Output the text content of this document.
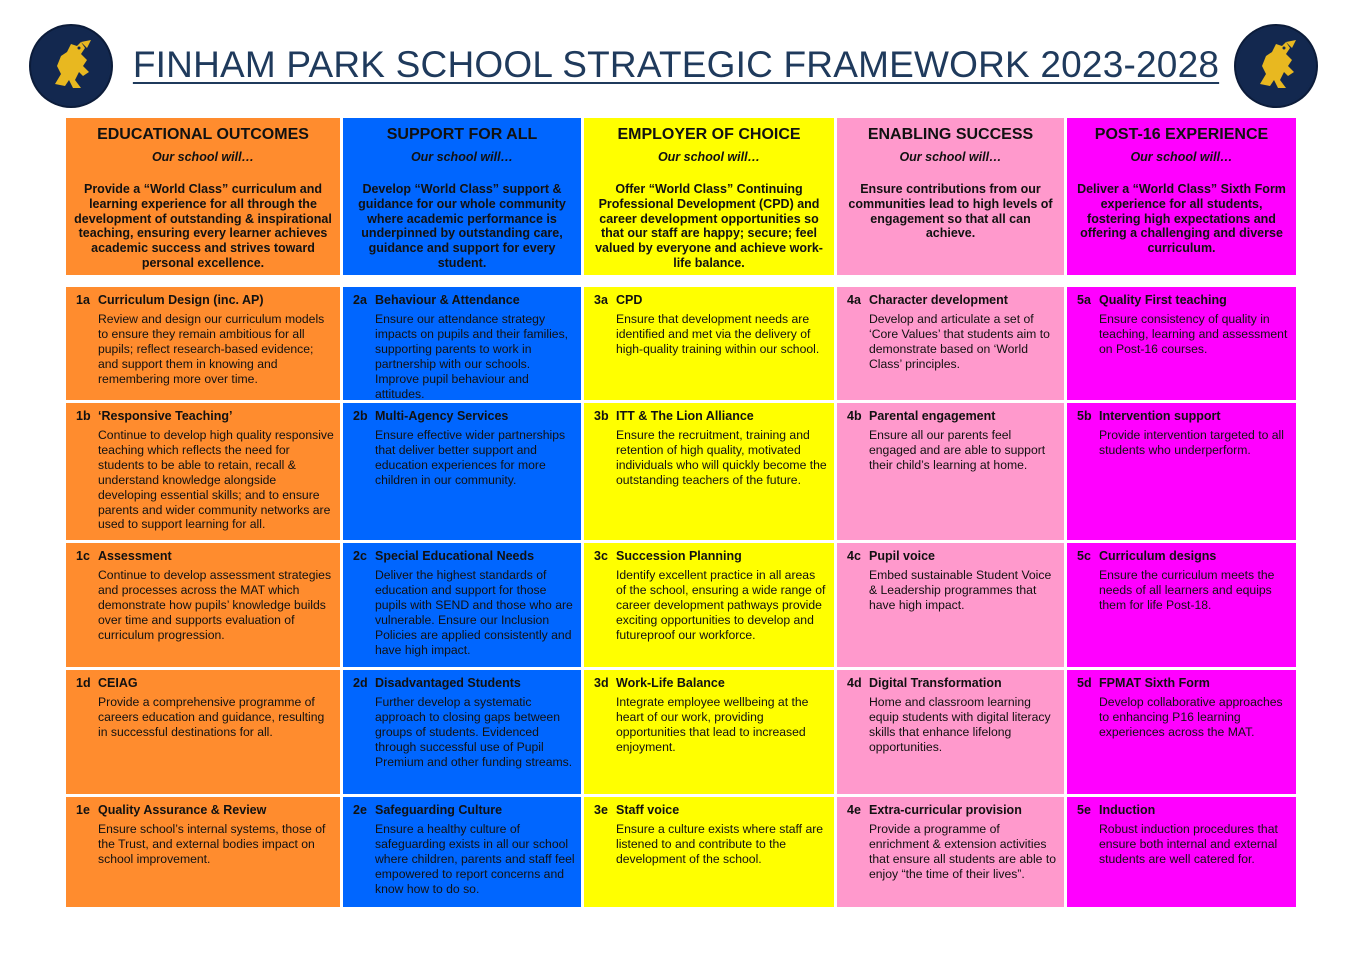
FINHAM PARK SCHOOL STRATEGIC FRAMEWORK 2023-2028
EDUCATIONAL OUTCOMES
Our school will…
Provide a “World Class” curriculum and learning experience for all through the development of outstanding & inspirational teaching, ensuring every learner achieves academic success and strives toward personal excellence.
SUPPORT FOR ALL
Our school will…
Develop “World Class” support & guidance for our whole community where academic performance is underpinned by outstanding care, guidance and support for every student.
EMPLOYER OF CHOICE
Our school will…
Offer “World Class” Continuing Professional Development (CPD) and career development opportunities so that our staff are happy; secure; feel valued by everyone and achieve work-life balance.
ENABLING SUCCESS
Our school will…
Ensure contributions from our communities lead to high levels of engagement so that all can achieve.
POST-16 EXPERIENCE
Our school will…
Deliver a “World Class” Sixth Form experience for all students, fostering high expectations and offering a challenging and diverse curriculum.
1a Curriculum Design (inc. AP)
Review and design our curriculum models to ensure they remain ambitious for all pupils; reflect research-based evidence; and support them in knowing and remembering more over time.
2a Behaviour & Attendance
Ensure our attendance strategy impacts on pupils and their families, supporting parents to work in partnership with our schools. Improve pupil behaviour and attitudes.
3a CPD
Ensure that development needs are identified and met via the delivery of high-quality training within our school.
4a Character development
Develop and articulate a set of ‘Core Values’ that students aim to demonstrate based on ‘World Class’ principles.
5a Quality First teaching
Ensure consistency of quality in teaching, learning and assessment on Post-16 courses.
1b ‘Responsive Teaching’
Continue to develop high quality responsive teaching which reflects the need for students to be able to retain, recall & understand knowledge alongside developing essential skills; and to ensure parents and wider community networks are used to support learning for all.
2b Multi-Agency Services
Ensure effective wider partnerships that deliver better support and education experiences for more children in our community.
3b ITT & The Lion Alliance
Ensure the recruitment, training and retention of high quality, motivated individuals who will quickly become the outstanding teachers of the future.
4b Parental engagement
Ensure all our parents feel engaged and are able to support their child’s learning at home.
5b Intervention support
Provide intervention targeted to all students who underperform.
1c Assessment
Continue to develop assessment strategies and processes across the MAT which demonstrate how pupils’ knowledge builds over time and supports evaluation of curriculum progression.
2c Special Educational Needs
Deliver the highest standards of education and support for those pupils with SEND and those who are vulnerable. Ensure our Inclusion Policies are applied consistently and have high impact.
3c Succession Planning
Identify excellent practice in all areas of the school, ensuring a wide range of career development pathways provide exciting opportunities to develop and futureproof our workforce.
4c Pupil voice
Embed sustainable Student Voice & Leadership programmes that have high impact.
5c Curriculum designs
Ensure the curriculum meets the needs of all learners and equips them for life Post-18.
1d CEIAG
Provide a comprehensive programme of careers education and guidance, resulting in successful destinations for all.
2d Disadvantaged Students
Further develop a systematic approach to closing gaps between groups of students. Evidenced through successful use of Pupil Premium and other funding streams.
3d Work-Life Balance
Integrate employee wellbeing at the heart of our work, providing opportunities that lead to increased enjoyment.
4d Digital Transformation
Home and classroom learning equip students with digital literacy skills that enhance lifelong opportunities.
5d FPMAT Sixth Form
Develop collaborative approaches to enhancing P16 learning experiences across the MAT.
1e Quality Assurance & Review
Ensure school’s internal systems, those of the Trust, and external bodies impact on school improvement.
2e Safeguarding Culture
Ensure a healthy culture of safeguarding exists in all our school where children, parents and staff feel empowered to report concerns and know how to do so.
3e Staff voice
Ensure a culture exists where staff are listened to and contribute to the development of the school.
4e Extra-curricular provision
Provide a programme of enrichment & extension activities that ensure all students are able to enjoy “the time of their lives”.
5e Induction
Robust induction procedures that ensure both internal and external students are well catered for.
